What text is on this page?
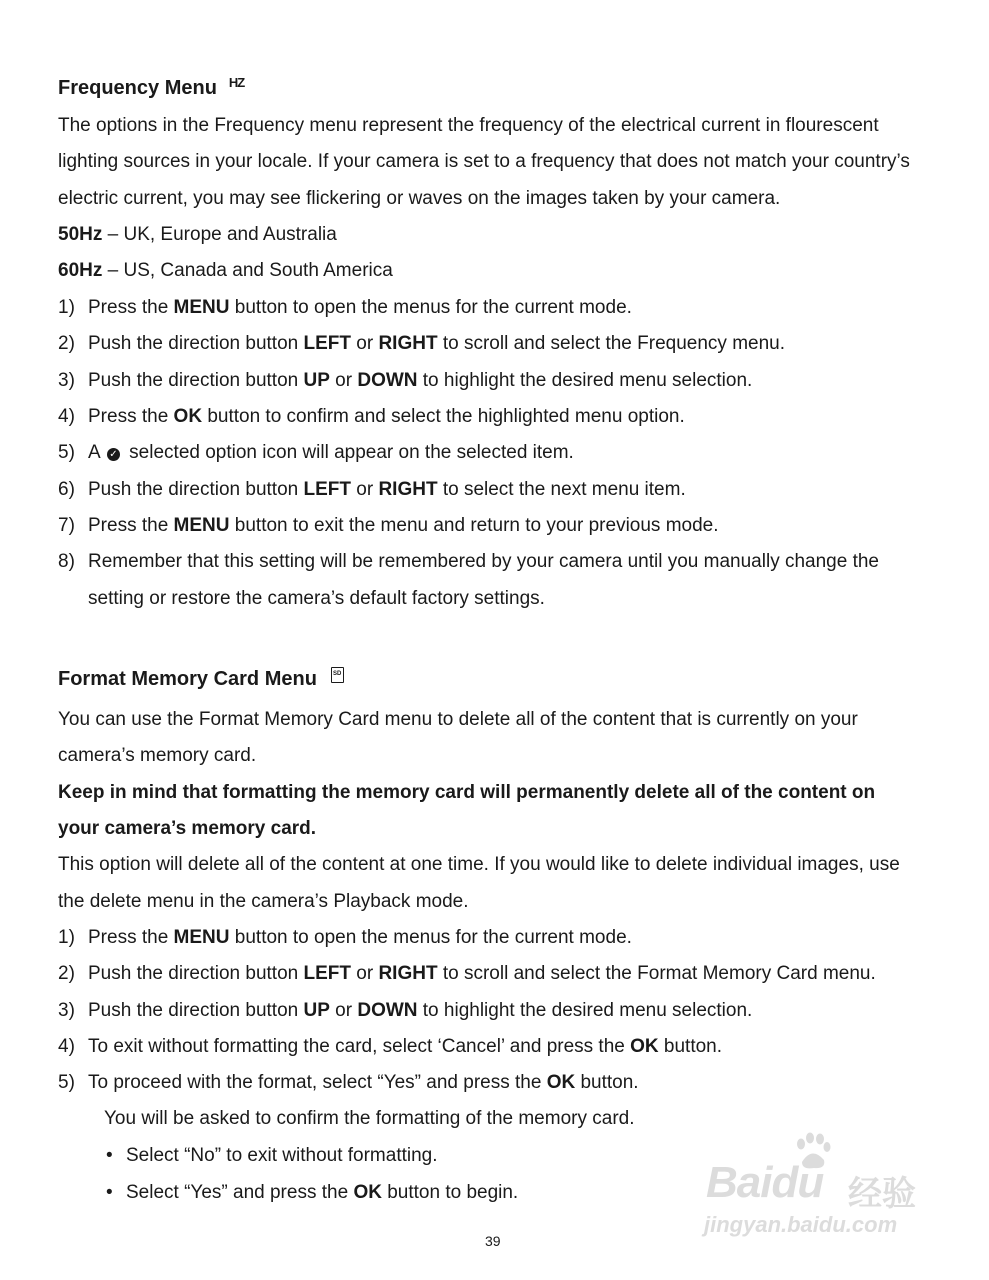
Frequency Menu HZ
The options in the Frequency menu represent the frequency of the electrical current in flourescent
lighting sources in your locale. If your camera is set to a frequency that does not match your country’s
electric current, you may see flickering or waves on the images taken by your camera.
50Hz – UK, Europe and Australia
60Hz – US, Canada and South America
1) Press the MENU button to open the menus for the current mode.
2) Push the direction button LEFT or RIGHT to scroll and select the Frequency menu.
3) Push the direction button UP or DOWN to highlight the desired menu selection.
4) Press the OK button to confirm and select the highlighted menu option.
5) A ✓ selected option icon will appear on the selected item.
6) Push the direction button LEFT or RIGHT to select the next menu item.
7) Press the MENU button to exit the menu and return to your previous mode.
8) Remember that this setting will be remembered by your camera until you manually change the
setting or restore the camera’s default factory settings.
Format Memory Card Menu	SD
You can use the Format Memory Card menu to delete all of the content that is currently on your
camera’s memory card.
Keep in mind that formatting the memory card will permanently delete all of the content on
your camera’s memory card.
This option will delete all of the content at one time. If you would like to delete individual images, use
the delete menu in the camera’s Playback mode.
1) Press the MENU button to open the menus for the current mode.
2) Push the direction button LEFT or RIGHT to scroll and select the Format Memory Card menu.
3) Push the direction button UP or DOWN to highlight the desired menu selection.
4) To exit without formatting the card, select ‘Cancel’ and press the OK button.
5) To proceed with the format, select “Yes” and press the OK button.
You will be asked to confirm the formatting of the memory card.
• Select “No” to exit without formatting.
• Select “Yes” and press the OK button to begin.
39
Baidu 经验
jingyan.baidu.com
